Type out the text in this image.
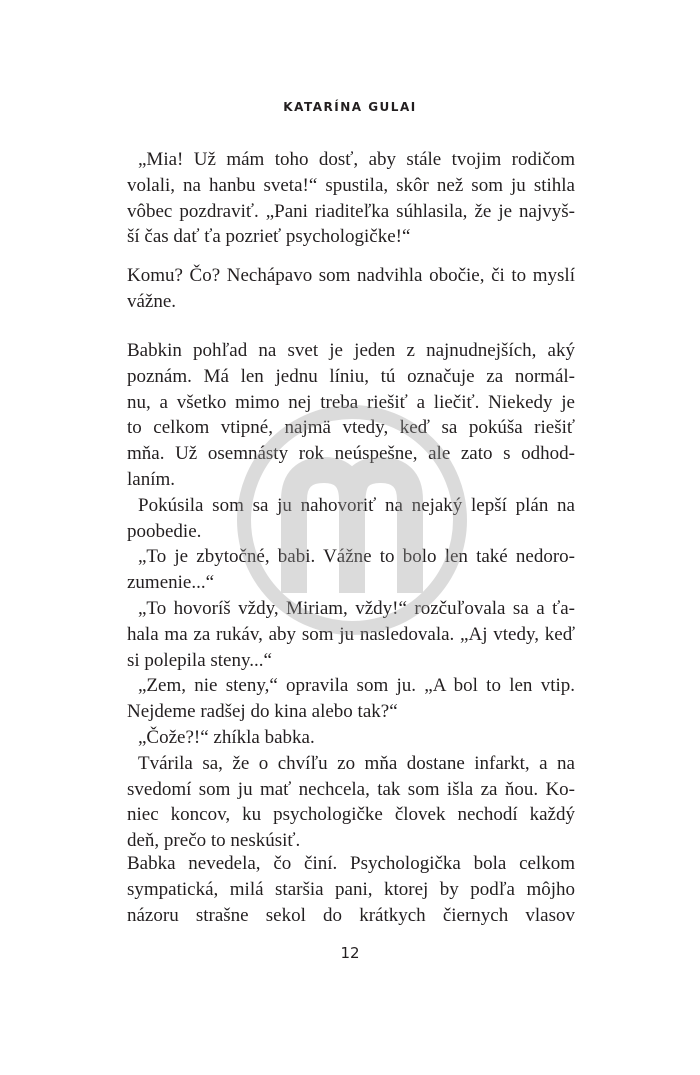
KATARÍNA GULAI
„Mia! Už mám toho dosť, aby stále tvojim rodičom
volali, na hanbu sveta!“ spustila, skôr než som ju stihla
vôbec pozdraviť. „Pani riaditeľka súhlasila, že je najvyš-
ší čas dať ťa pozrieť psychologičke!“
Komu? Čo? Nechápavo som nadvihla obočie, či to myslí
vážne.
Babkin pohľad na svet je jeden z najnudnejších, aký
poznám. Má len jednu líniu, tú označuje za normál-
nu, a všetko mimo nej treba riešiť a liečiť. Niekedy je
to celkom vtipné, najmä vtedy, keď sa pokúša riešiť
mňa. Už osemnásty rok neúspešne, ale zato s odhod-
laním.
Pokúsila som sa ju nahovoriť na nejaký lepší plán na
poobedie.
„To je zbytočné, babi. Vážne to bolo len také nedoro-
zumenie...“
„To hovoríš vždy, Miriam, vždy!“ rozčuľovala sa a ťa-
hala ma za rukáv, aby som ju nasledovala. „Aj vtedy, keď
si polepila steny...“
„Zem, nie steny,“ opravila som ju. „A bol to len vtip.
Nejdeme radšej do kina alebo tak?“
„Čože?!“ zhíkla babka.
Tvárila sa, že o chvíľu zo mňa dostane infarkt, a na
svedomí som ju mať nechcela, tak som išla za ňou. Ko-
niec koncov, ku psychologičke človek nechodí každý
deň, prečo to neskúsiť.
Babka nevedela, čo činí. Psychologička bola celkom
sympatická, milá staršia pani, ktorej by podľa môjho
názoru strašne sekol do krátkych čiernych vlasov
12
